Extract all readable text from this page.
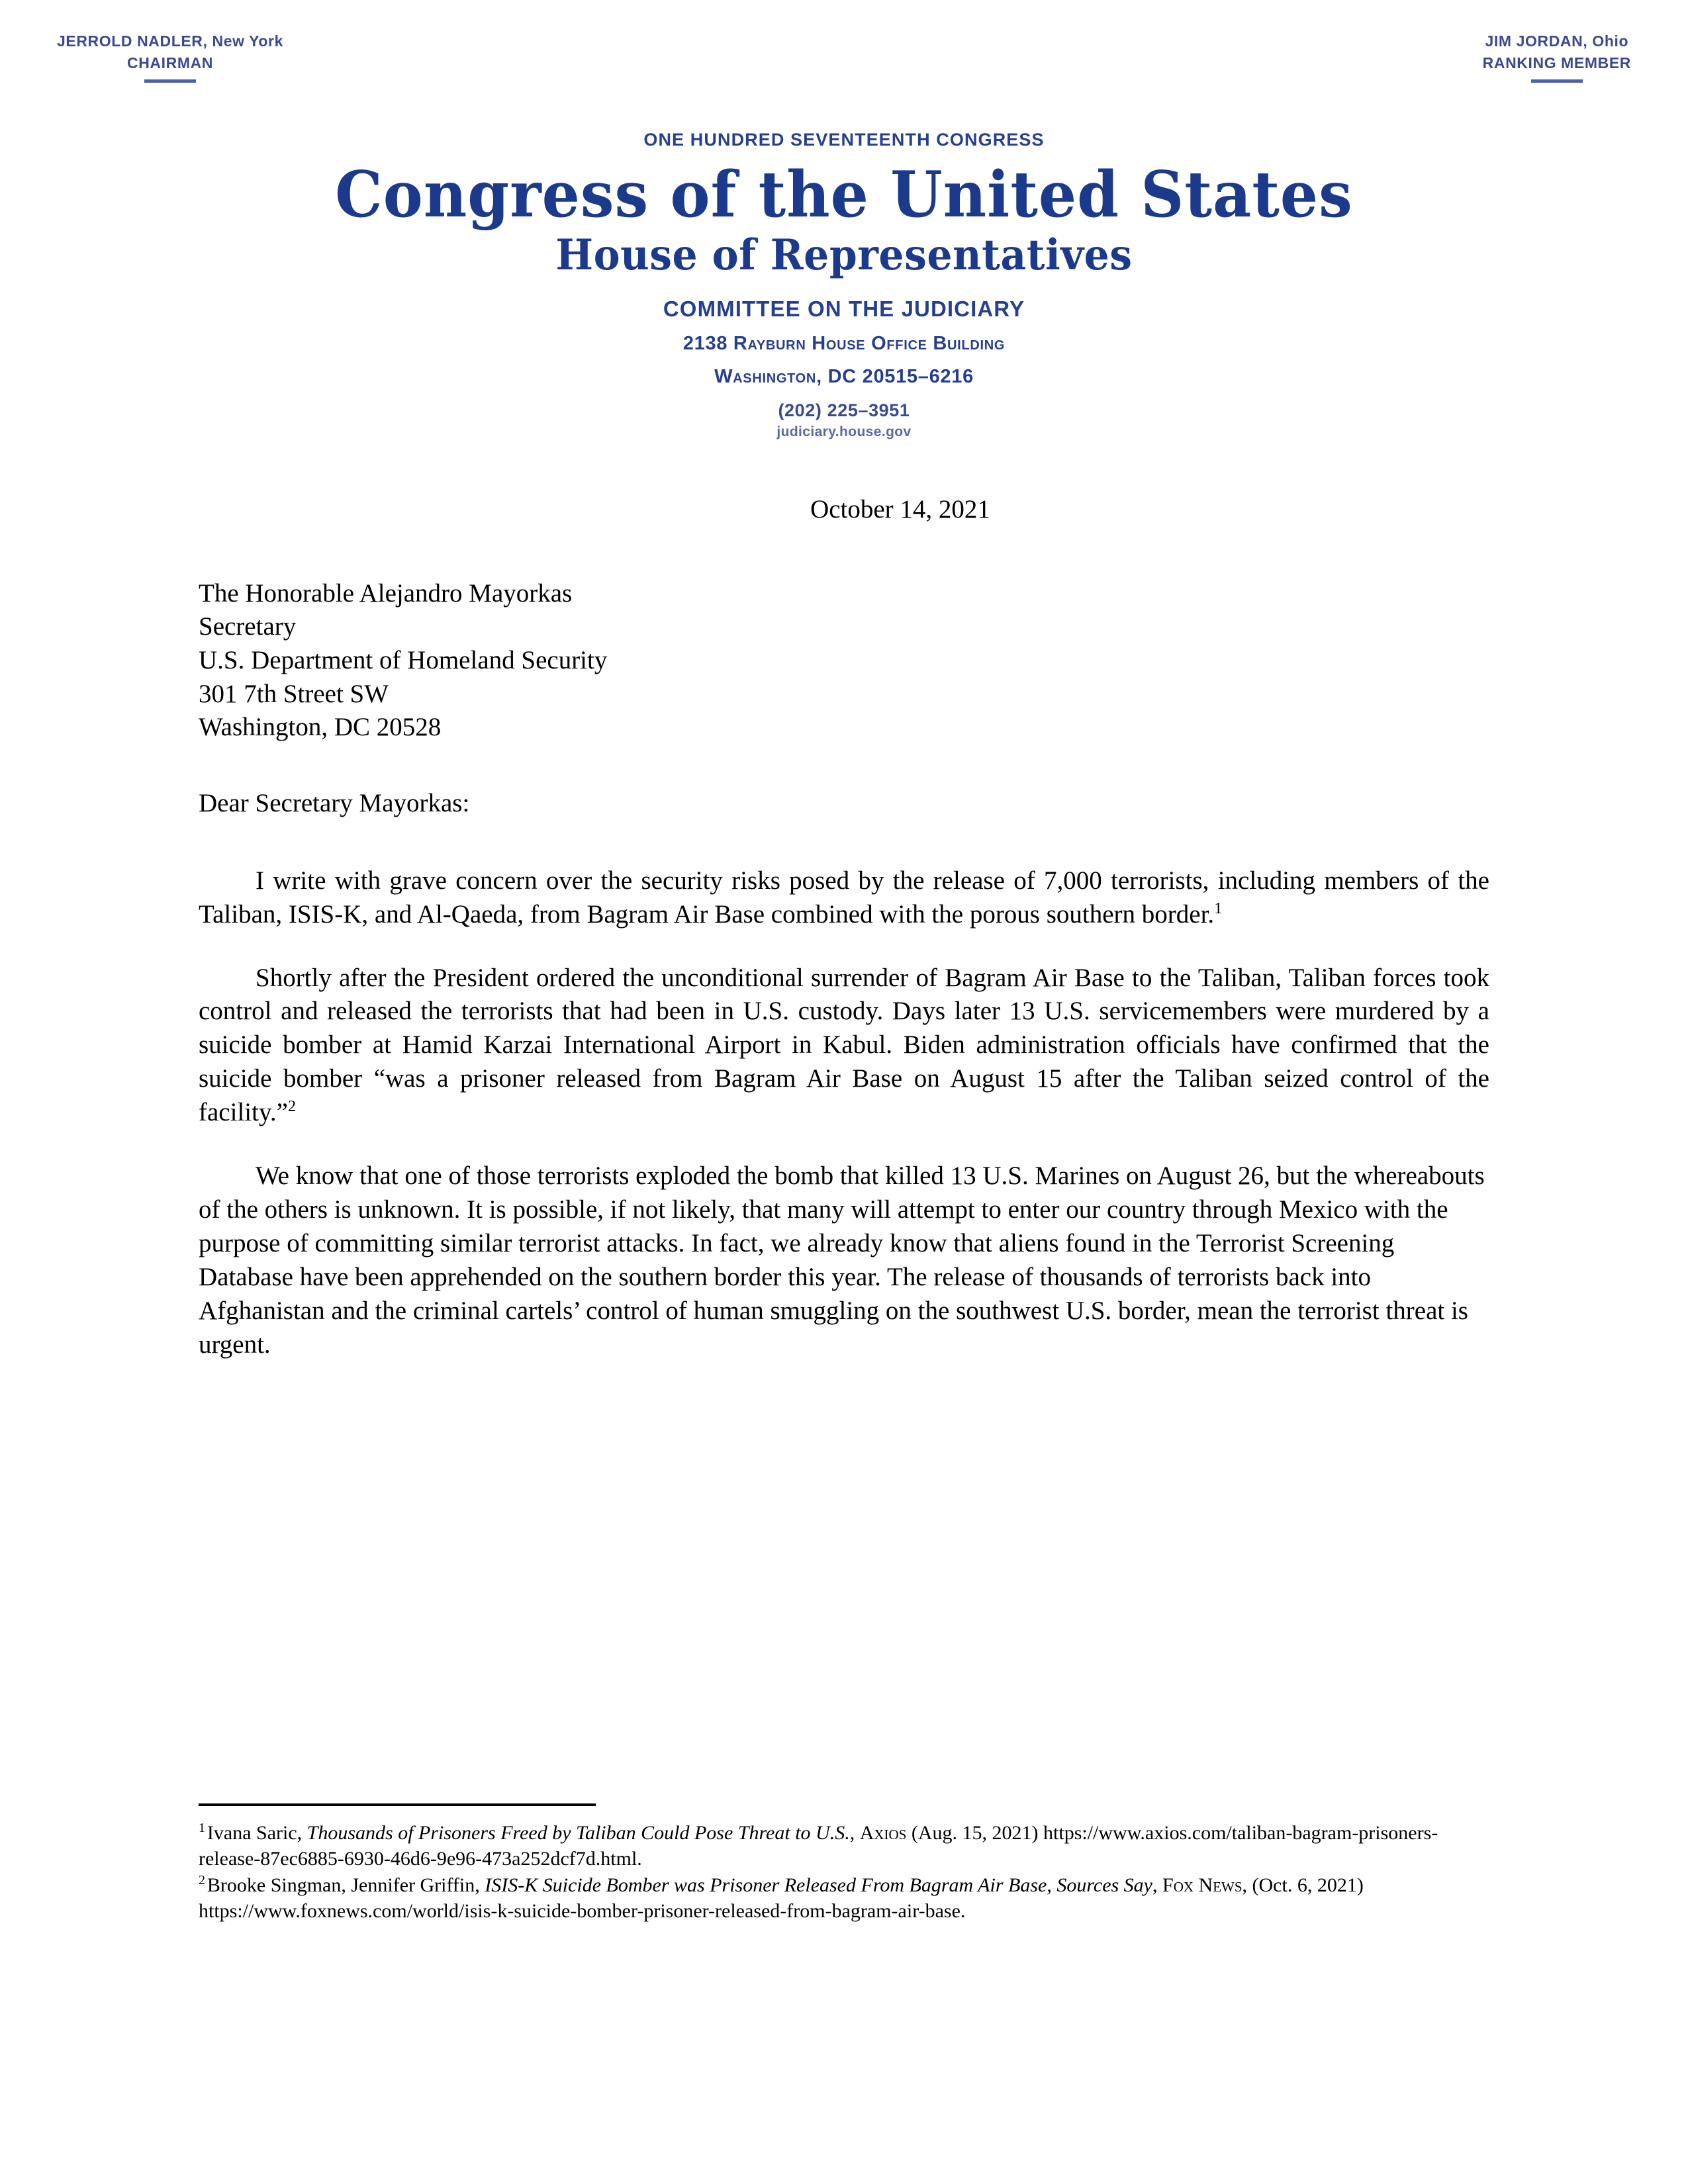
JERROLD NADLER, New York
CHAIRMAN
JIM JORDAN, Ohio
RANKING MEMBER
ONE HUNDRED SEVENTEENTH CONGRESS
Congress of the United States
House of Representatives
COMMITTEE ON THE JUDICIARY
2138 Rayburn House Office Building
Washington, DC 20515–6216
(202) 225–3951
judiciary.house.gov
October 14, 2021
The Honorable Alejandro Mayorkas
Secretary
U.S. Department of Homeland Security
301 7th Street SW
Washington, DC 20528
Dear Secretary Mayorkas:
I write with grave concern over the security risks posed by the release of 7,000 terrorists, including members of the Taliban, ISIS-K, and Al-Qaeda, from Bagram Air Base combined with the porous southern border.$^1$
Shortly after the President ordered the unconditional surrender of Bagram Air Base to the Taliban, Taliban forces took control and released the terrorists that had been in U.S. custody. Days later 13 U.S. servicemembers were murdered by a suicide bomber at Hamid Karzai International Airport in Kabul. Biden administration officials have confirmed that the suicide bomber “was a prisoner released from Bagram Air Base on August 15 after the Taliban seized control of the facility.”$^2$
We know that one of those terrorists exploded the bomb that killed 13 U.S. Marines on August 26, but the whereabouts of the others is unknown. It is possible, if not likely, that many will attempt to enter our country through Mexico with the purpose of committing similar terrorist attacks. In fact, we already know that aliens found in the Terrorist Screening Database have been apprehended on the southern border this year. The release of thousands of terrorists back into Afghanistan and the criminal cartels’ control of human smuggling on the southwest U.S. border, mean the terrorist threat is urgent.
$^1$ Ivana Saric, Thousands of Prisoners Freed by Taliban Could Pose Threat to U.S., Axios (Aug. 15, 2021) https://www.axios.com/taliban-bagram-prisoners-release-87ec6885-6930-46d6-9e96-473a252dcf7d.html.
$^2$ Brooke Singman, Jennifer Griffin, ISIS-K Suicide Bomber was Prisoner Released From Bagram Air Base, Sources Say, Fox News, (Oct. 6, 2021) https://www.foxnews.com/world/isis-k-suicide-bomber-prisoner-released-from-bagram-air-base.
